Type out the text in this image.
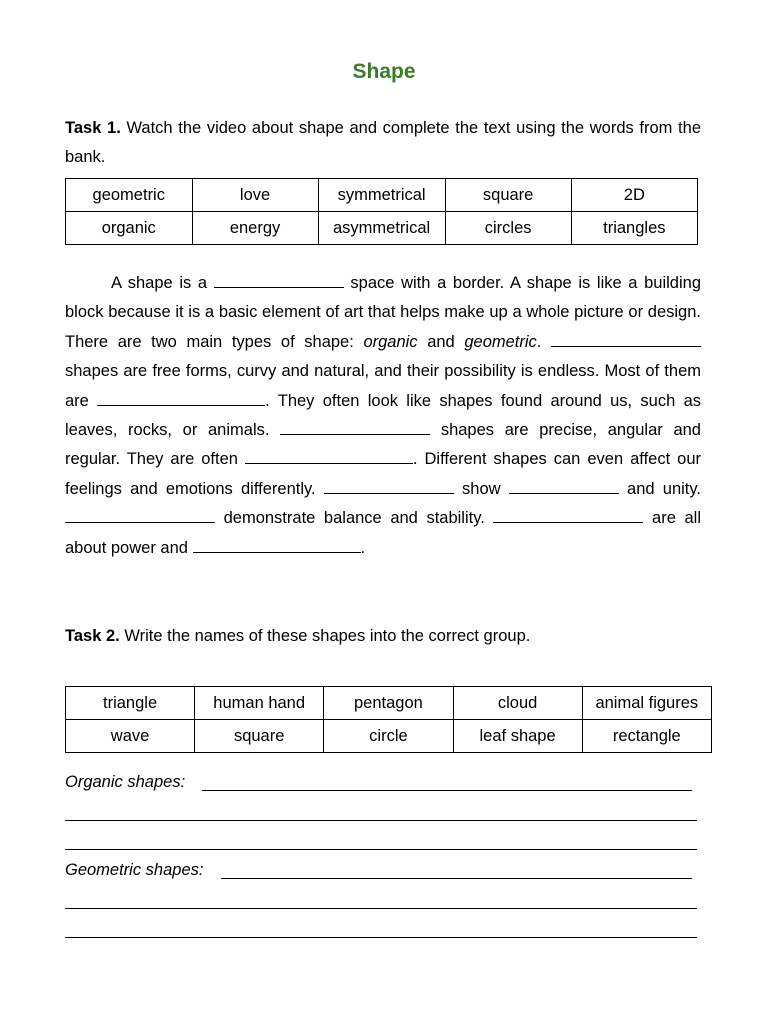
Shape

Task 1. Watch the video about shape and complete the text using the words from the bank.

geometric	love	symmetrical	square	2D
organic	energy	asymmetrical	circles	triangles

A shape is a	space with a border. A shape is like a building block because it is a basic element of art that helps make up a whole picture or design. There are two main types of shape: organic and geometric.  shapes are free forms, curvy and natural, and their possibility is endless. Most of them are	. They often look like shapes found around us, such as leaves, rocks, or animals.	shapes are precise, angular and regular. They are often	. Different shapes can even affect our feelings and emotions differently.	show	and unity.  demonstrate balance and stability.	are all about power and	.

Task 2. Write the names of these shapes into the correct group.

triangle	human hand	pentagon	cloud	animal figures
wave	square	circle	leaf shape	rectangle
Organic shapes:
Geometric shapes:
